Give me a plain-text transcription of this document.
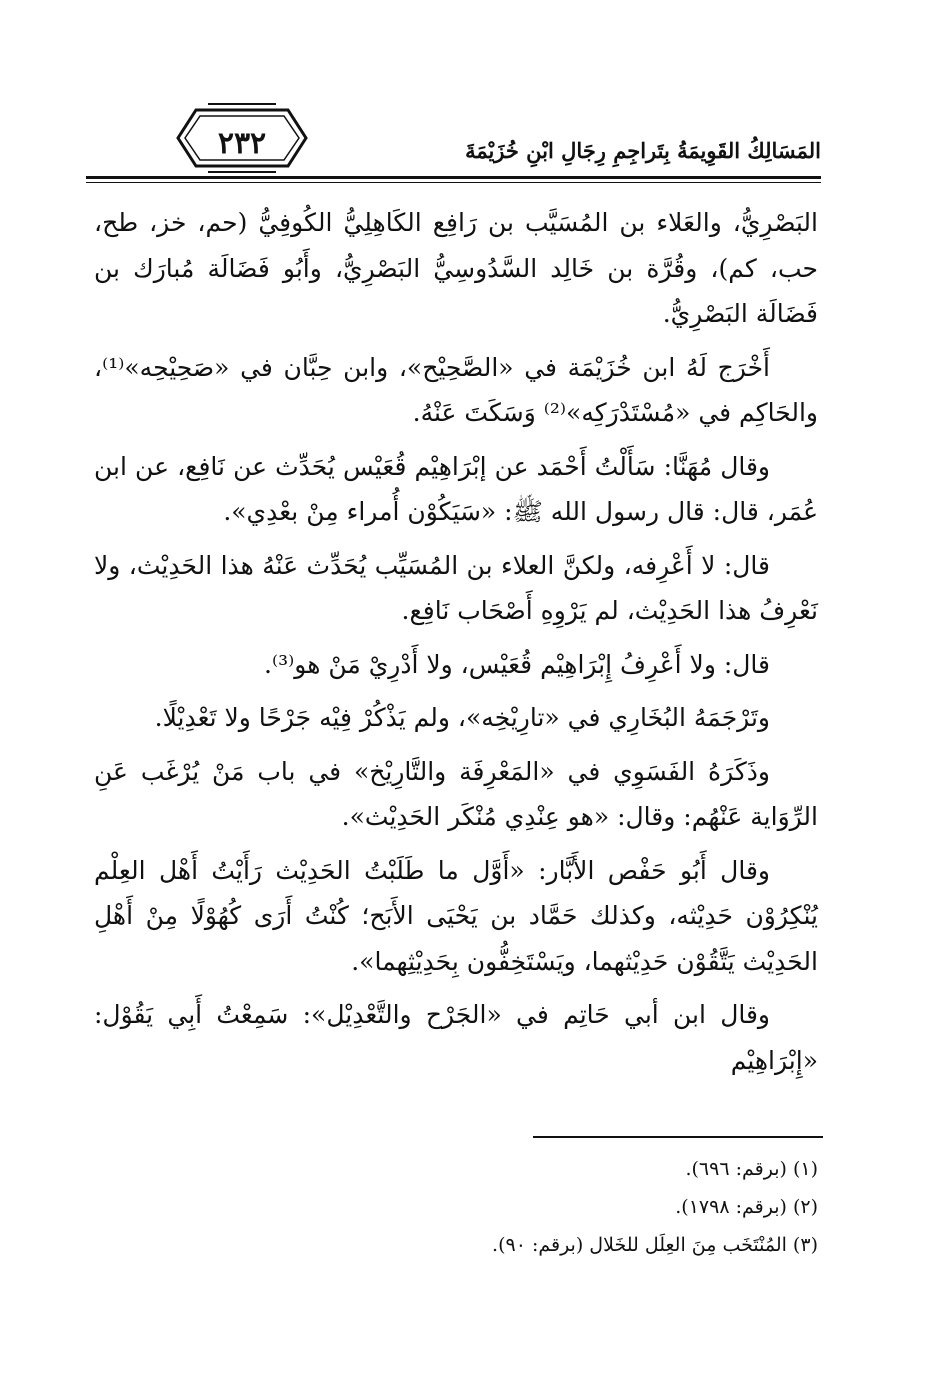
٢٣٢	المَسَالِكُ القَوِيمَةُ بِتَراجِمِ رِجَالِ ابْنِ خُزَيْمَةَ

البَصْرِيُّ، والعَلاء بن المُسَيَّب بن رَافِع الكَاهِلِيُّ الكُوفِيُّ (حم، خز، طح، حب، كم)، وقُرَّة بن خَالِد السَّدُوسِيُّ البَصْرِيُّ، وأَبُو فَضَالَة مُبارَك بن فَضَالَة البَصْرِيُّ.

أَخْرَج لَهُ ابن خُزَيْمَة في «الصَّحِيْح»، وابن حِبَّان في «صَحِيْحِه»⁽¹⁾، والحَاكِم في «مُسْتَدْرَكِه»⁽²⁾ وَسَكَتَ عَنْهُ.

وقال مُهَنَّا: سَأَلْتُ أَحْمَد عن إبْرَاهِيْم قُعَيْس يُحَدِّث عن نَافِع، عن ابن عُمَر، قال: قال رسول الله ﷺ: «سَيَكُوْن أُمراء مِنْ بعْدِي».

قال: لا أَعْرِفه، ولكنَّ العلاء بن المُسَيِّب يُحَدِّث عَنْهُ هذا الحَدِيْث، ولا نَعْرِفُ هذا الحَدِيْث، لم يَرْوِهِ أَصْحَاب نَافِع.

قال: ولا أَعْرِفُ إِبْرَاهِيْم قُعَيْس، ولا أَدْرِيْ مَنْ هو⁽³⁾.

وتَرْجَمَهُ البُخَارِي في «تارِيْخِه»، ولم يَذْكُرْ فِيْه جَرْحًا ولا تَعْدِيْلًا.

وذَكَرَهُ الفَسَوِي في «المَعْرِفَة والتَّارِيْخ» في باب مَنْ يُرْغَب عَنِ الرِّوَاية عَنْهُم: وقال: «هو عِنْدِي مُنْكَر الحَدِيْث».

وقال أَبُو حَفْص الأَبَّار: «أَوَّل ما طَلَبْتُ الحَدِيْث رَأَيْتُ أَهْل العِلْم يُنْكِرُوْن حَدِيْثه، وكذلك حَمَّاد بن يَحْيَى الأَبَح؛ كُنْتُ أَرَى كُهُوْلًا مِنْ أَهْلِ الحَدِيْث يَتَّقُوْن حَدِيْثهما، ويَسْتَخِفُّون بِحَدِيْثِهما».

وقال ابن أبي حَاتِم في «الجَرْح والتَّعْدِيْل»: سَمِعْتُ أَبِي يَقُوْل: «إِبْرَاهِيْم

(١) (برقم: ٦٩٦).

(٢) (برقم: ١٧٩٨).

(٣) المُنْتَخَب مِنَ العِلَل للخَلال (برقم: ٩٠).
